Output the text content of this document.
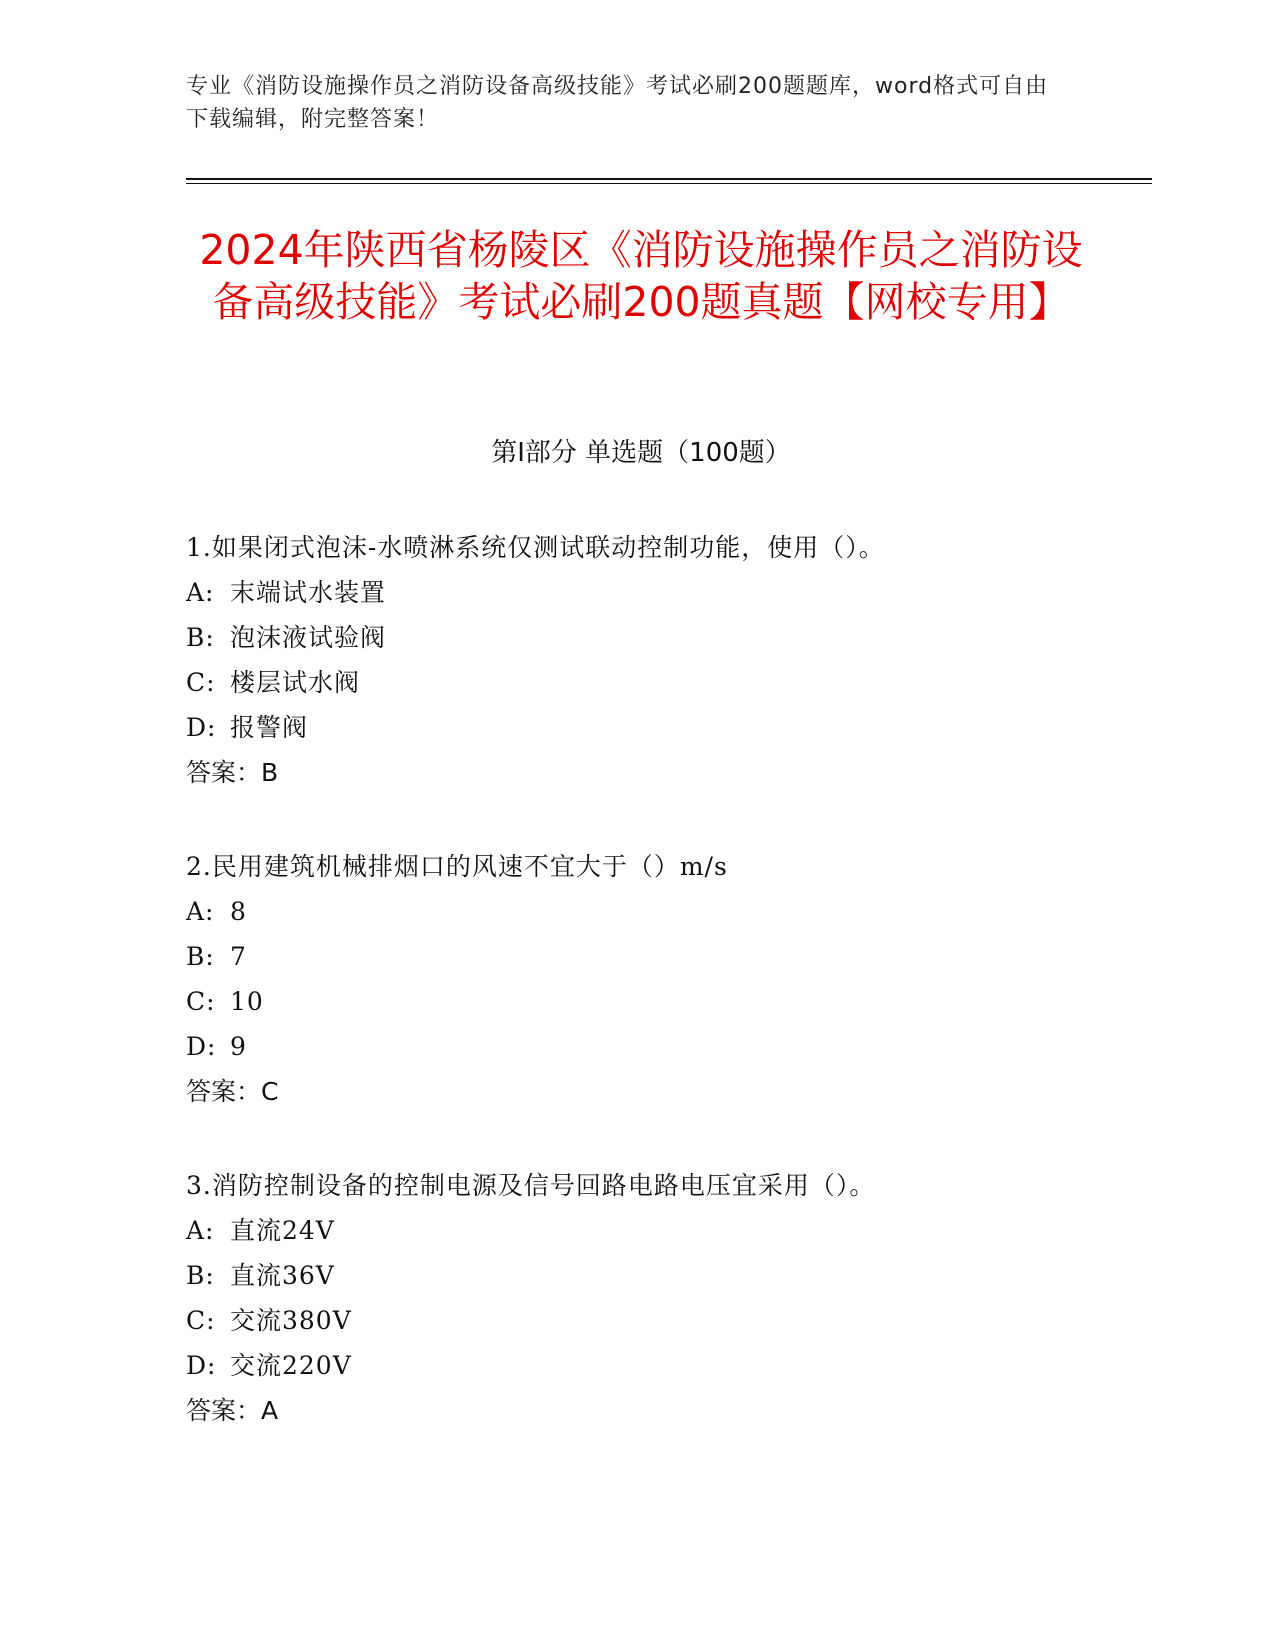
专业《消防设施操作员之消防设备高级技能》考试必刷200题题库，word格式可自由下载编辑，附完整答案！
2024年陕西省杨陵区《消防设施操作员之消防设备高级技能》考试必刷200题真题【网校专用】
第I部分 单选题（100题）
1.如果闭式泡沫-水喷淋系统仅测试联动控制功能，使用（）。
A: 末端试水装置
B: 泡沫液试验阀
C: 楼层试水阀
D: 报警阀
答案：B
2.民用建筑机械排烟口的风速不宜大于（）m/s
A: 8
B: 7
C: 10
D: 9
答案：C
3.消防控制设备的控制电源及信号回路电路电压宜采用（）。
A: 直流24V
B: 直流36V
C: 交流380V
D: 交流220V
答案：A
